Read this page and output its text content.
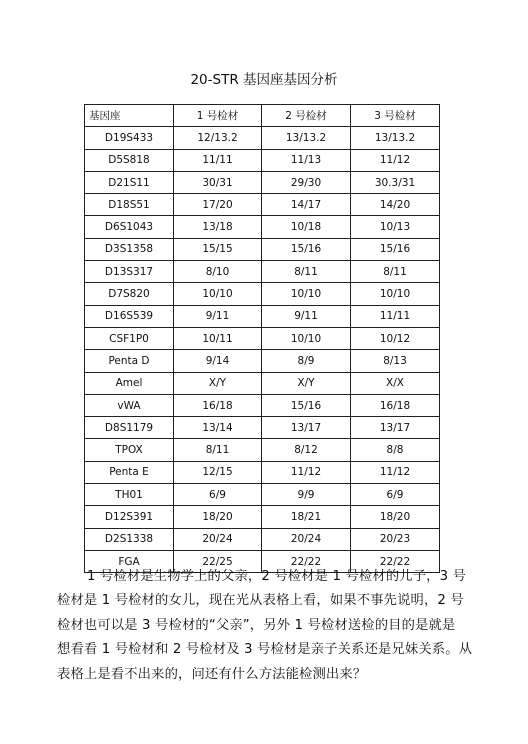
20-STR 基因座基因分析
基因座	1 号检材	2 号检材	3 号检材
D19S433	12/13.2	13/13.2	13/13.2
D5S818	11/11	11/13	11/12
D21S11	30/31	29/30	30.3/31
D18S51	17/20	14/17	14/20
D6S1043	13/18	10/18	10/13
D3S1358	15/15	15/16	15/16
D13S317	8/10	8/11	8/11
D7S820	10/10	10/10	10/10
D16S539	9/11	9/11	11/11
CSF1P0	10/11	10/10	10/12
Penta D	9/14	8/9	8/13
Amel	X/Y	X/Y	X/X
vWA	16/18	15/16	16/18
D8S1179	13/14	13/17	13/17
TPOX	8/11	8/12	8/8
Penta E	12/15	11/12	11/12
TH01	6/9	9/9	6/9
D12S391	18/20	18/21	18/20
D2S1338	20/24	20/24	20/23
FGA	22/25	22/22	22/22

1 号检材是生物学上的父亲，2 号检材是 1 号检材的儿子，3 号

检材是 1 号检材的女儿，现在光从表格上看，如果不事先说明，2 号

检材也可以是 3 号检材的“父亲”，另外 1 号检材送检的目的是就是

想看看 1 号检材和 2 号检材及 3 号检材是亲子关系还是兄妹关系。从

表格上是看不出来的，问还有什么方法能检测出来？
